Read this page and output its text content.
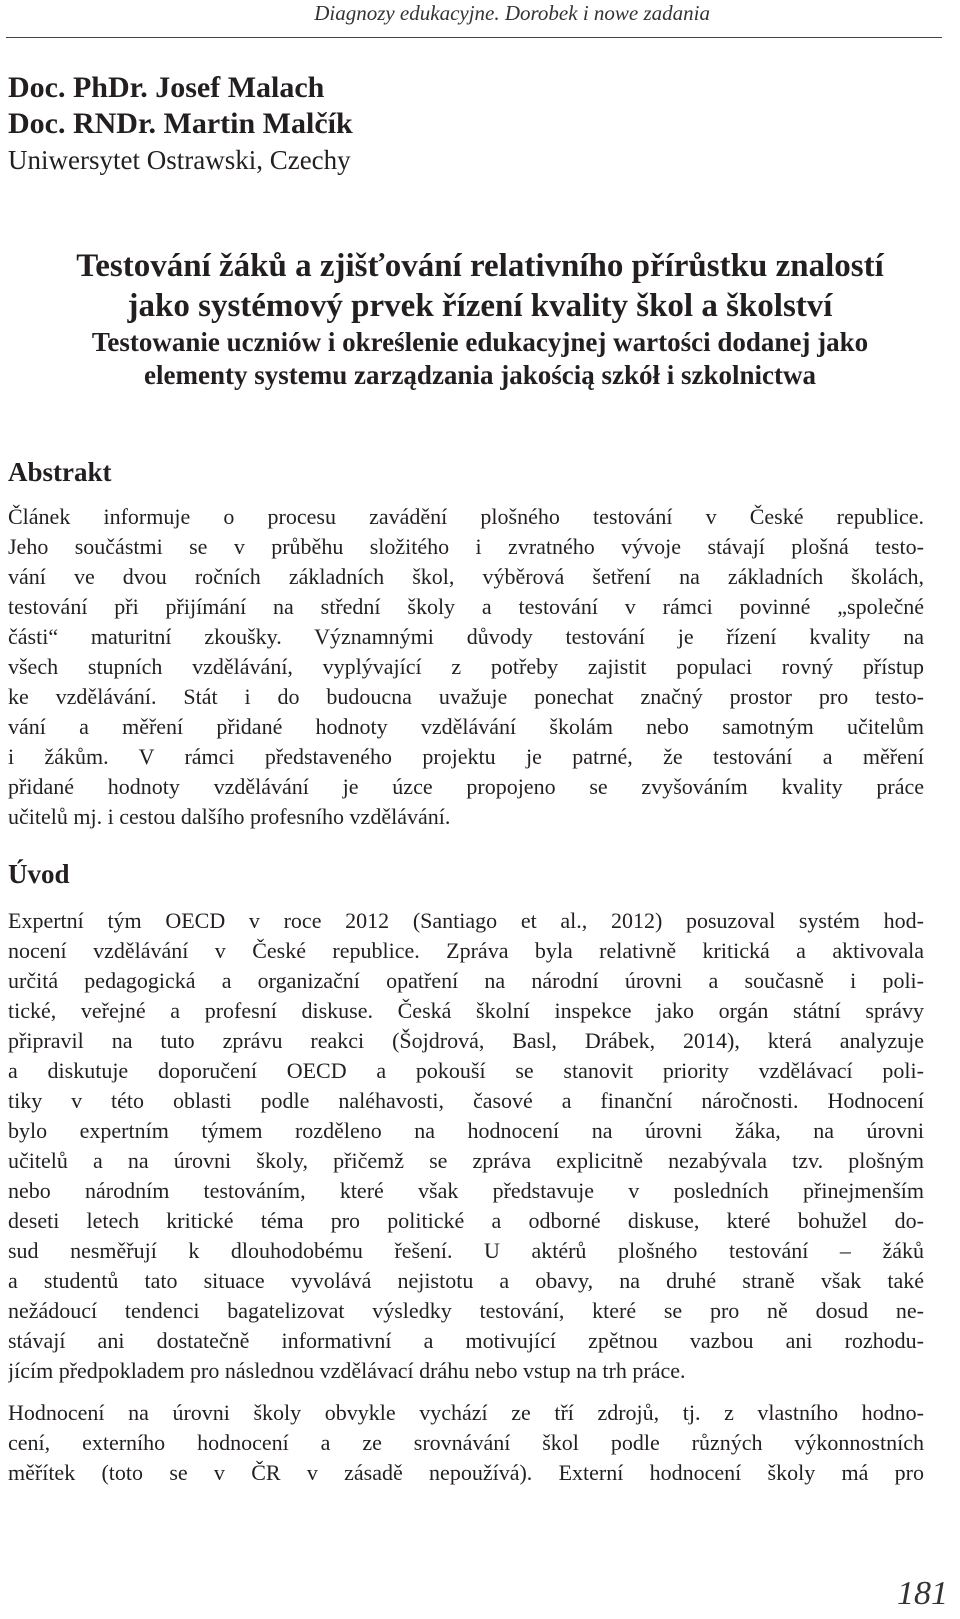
Diagnozy edukacyjne. Dorobek i nowe zadania
Doc. PhDr. Josef Malach
Doc. RNDr. Martin Malčík
Uniwersytet Ostrawski, Czechy
Testování žáků a zjišťování relativního přírůstku znalostí
jako systémový prvek řízení kvality škol a školství
Testowanie uczniów i określenie edukacyjnej wartości dodanej jako
elementy systemu zarządzania jakością szkół i szkolnictwa
Abstrakt
Článek informuje o procesu zavádění plošného testování v České republice.
Jeho součástmi se v průběhu složitého i zvratného vývoje stávají plošná testo-
vání ve dvou ročních základních škol, výběrová šetření na základních školách,
testování při přijímání na střední školy a testování v rámci povinné „společné
části“ maturitní zkoušky. Významnými důvody testování je řízení kvality na
všech stupních vzdělávání, vyplývající z potřeby zajistit populaci rovný přístup
ke vzdělávání. Stát i do budoucna uvažuje ponechat značný prostor pro testo-
vání a měření přidané hodnoty vzdělávání školám nebo samotným učitelům
i žákům. V rámci představeného projektu je patrné, že testování a měření
přidané hodnoty vzdělávání je úzce propojeno se zvyšováním kvality práce
učitelů mj. i cestou dalšího profesního vzdělávání.
Úvod
Expertní tým OECD v roce 2012 (Santiago et al., 2012) posuzoval systém hod-
nocení vzdělávání v České republice. Zpráva byla relativně kritická a aktivovala
určitá pedagogická a organizační opatření na národní úrovni a současně i poli-
tické, veřejné a profesní diskuse. Česká školní inspekce jako orgán státní správy
připravil na tuto zprávu reakci (Šojdrová, Basl, Drábek, 2014), která analyzuje
a diskutuje doporučení OECD a pokouší se stanovit priority vzdělávací poli-
tiky v této oblasti podle naléhavosti, časové a finanční náročnosti. Hodnocení
bylo expertním týmem rozděleno na hodnocení na úrovni žáka, na úrovni
učitelů a na úrovni školy, přičemž se zpráva explicitně nezabývala tzv. plošným
nebo národním testováním, které však představuje v posledních přinejmenším
deseti letech kritické téma pro politické a odborné diskuse, které bohužel do-
sud nesměřují k dlouhodobému řešení. U aktérů plošného testování – žáků
a studentů tato situace vyvolává nejistotu a obavy, na druhé straně však také
nežádoucí tendenci bagatelizovat výsledky testování, které se pro ně dosud ne-
stávají ani dostatečně informativní a motivující zpětnou vazbou ani rozhodu-
jícím předpokladem pro následnou vzdělávací dráhu nebo vstup na trh práce.
Hodnocení na úrovni školy obvykle vychází ze tří zdrojů, tj. z vlastního hodno-
cení, externího hodnocení a ze srovnávání škol podle různých výkonnostních
měřítek (toto se v ČR v zásadě nepoužívá). Externí hodnocení školy má pro
181
